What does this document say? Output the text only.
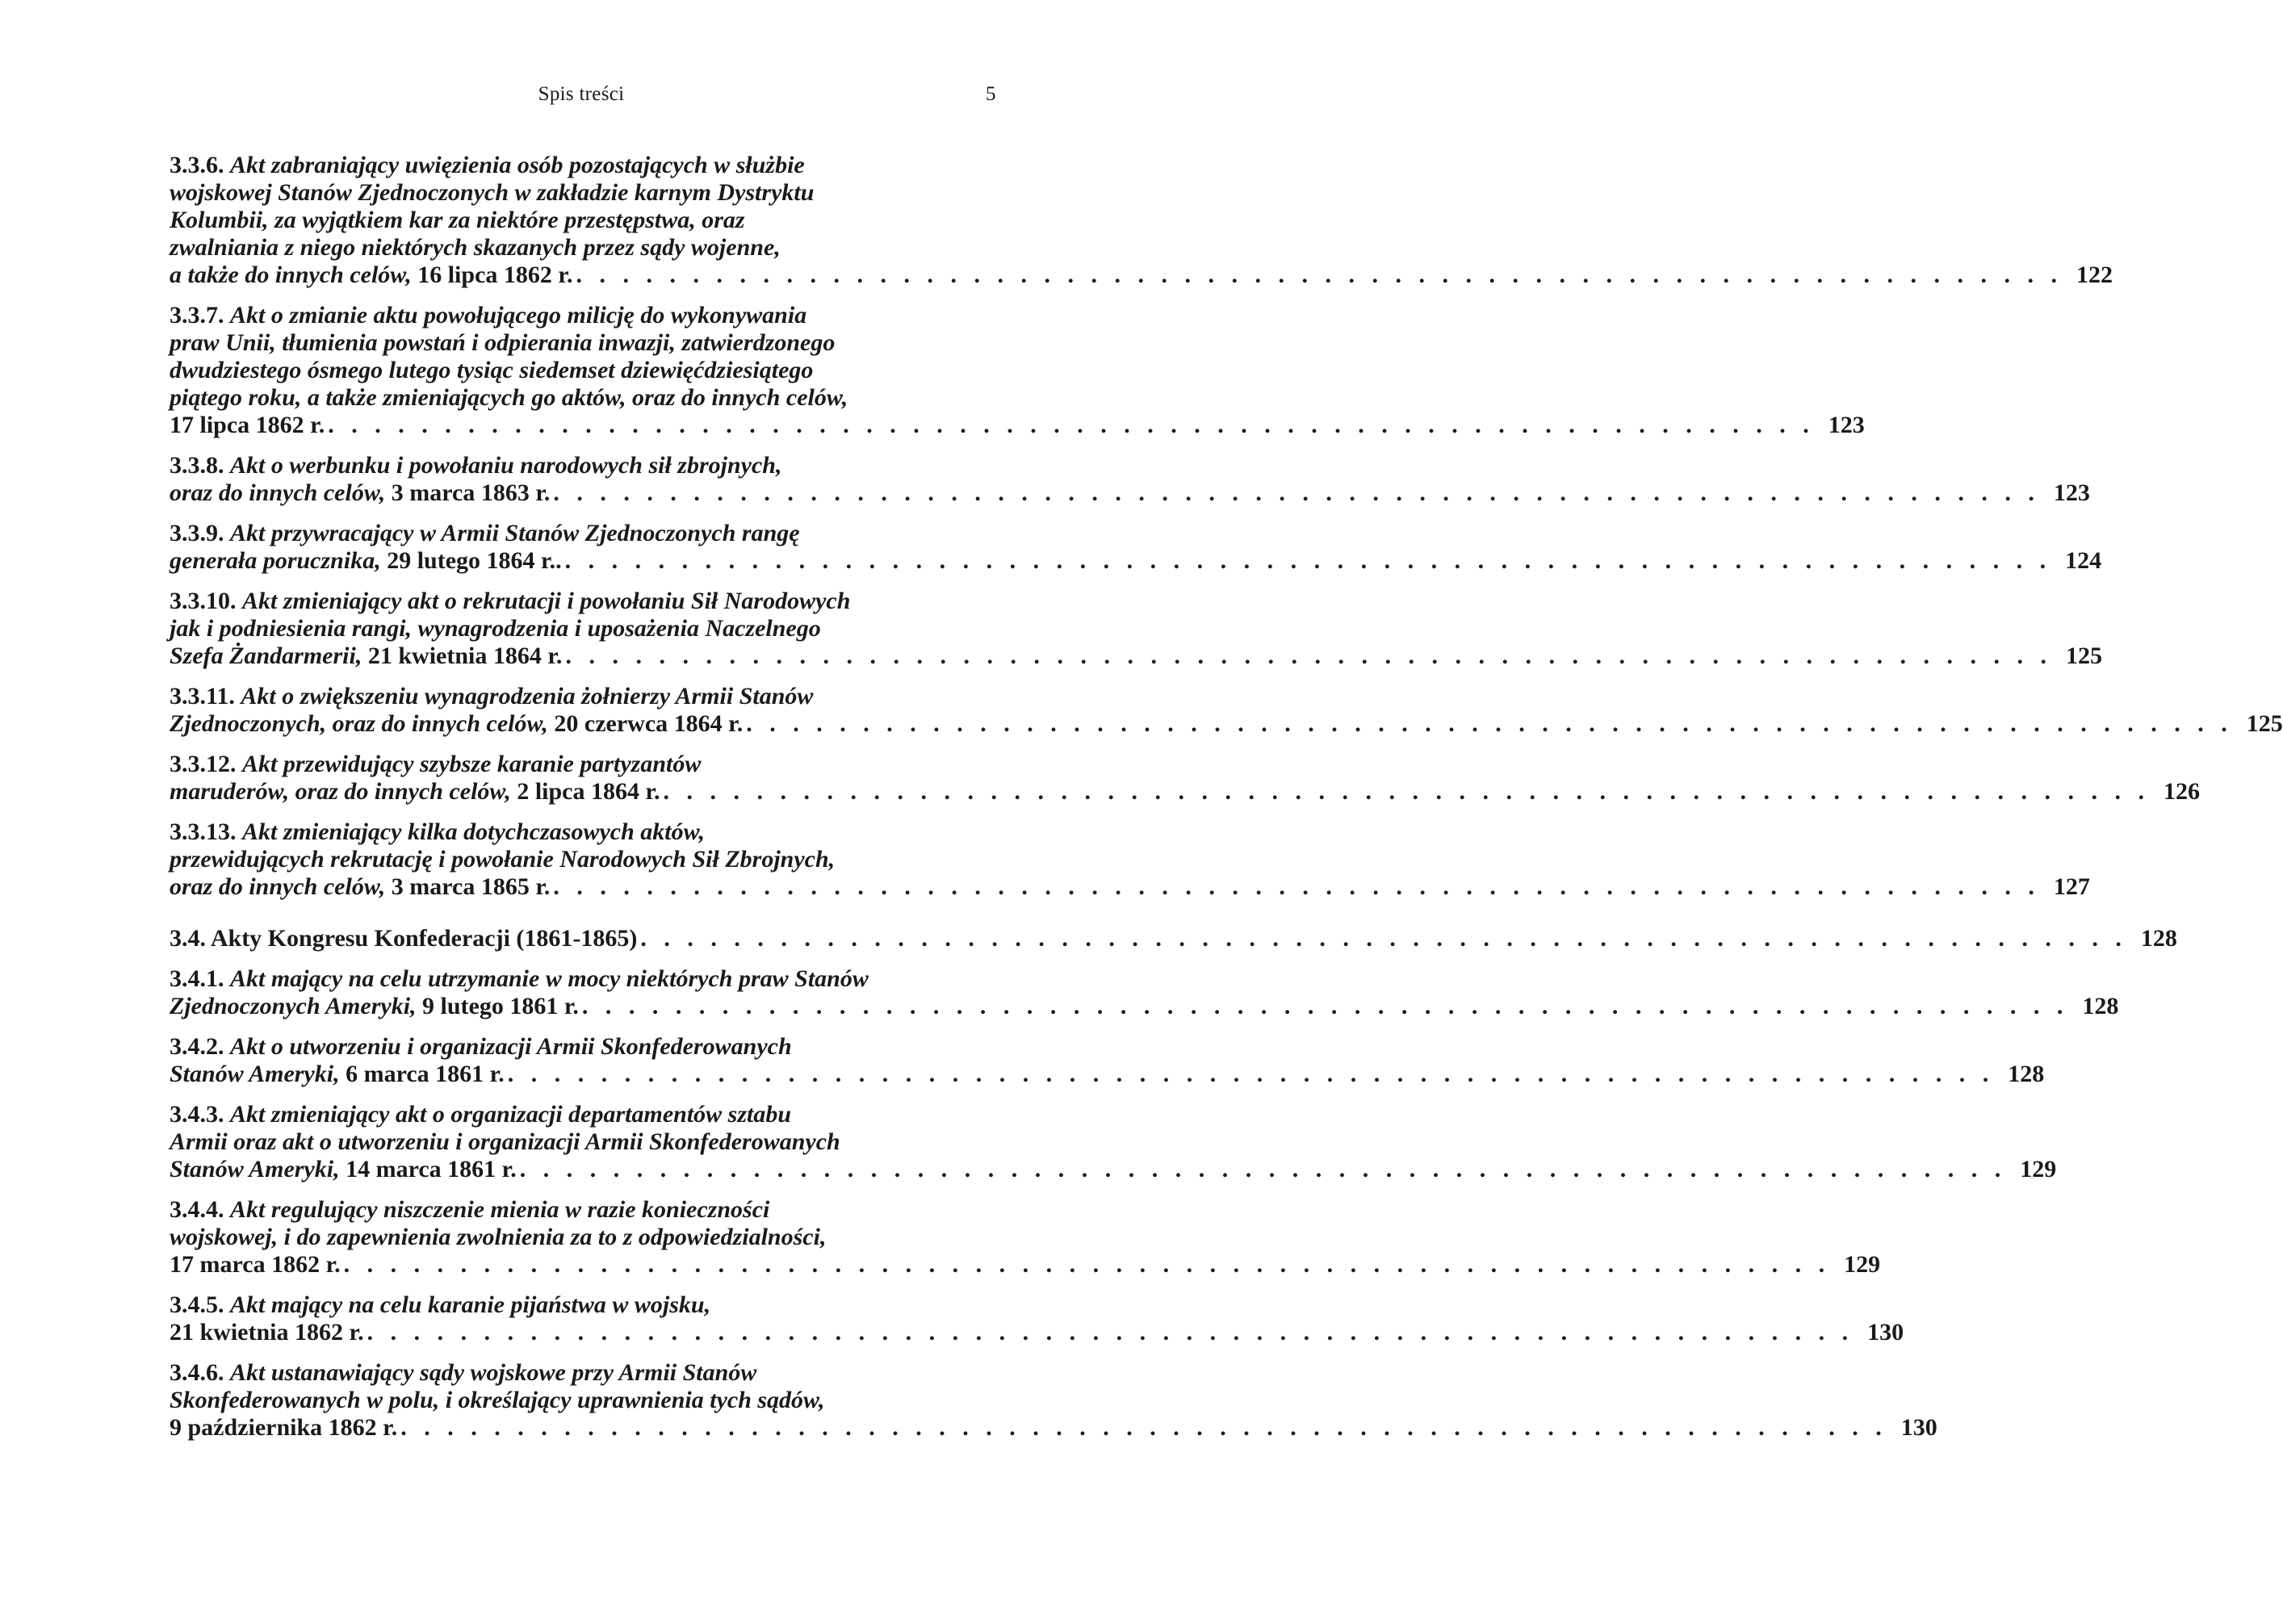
Spis treści	5
3.3.6. Akt zabraniający uwięzienia osób pozostających w służbie
wojskowej Stanów Zjednoczonych w zakładzie karnym Dystryktu
Kolumbii, za wyjątkiem kar za niektóre przestępstwa, oraz
zwalniania z niego niektórych skazanych przez sądy wojenne,
a także do innych celów, 16 lipca 1862 r. . . . . . . . . . . . . . . . . . . . . . . . . . . . . . . . . . . . . . . . . . . . . . . . . . . . . . . . . . . . . . . . . 122
3.3.7. Akt o zmianie aktu powołującego milicję do wykonywania
praw Unii, tłumienia powstań i odpierania inwazji, zatwierdzonego
dwudziestego ósmego lutego tysiąc siedemset dziewięćdziesiątego
piątego roku, a także zmieniających go aktów, oraz do innych celów,
17 lipca 1862 r. . . . . . . . . . . . . . . . . . . . . . . . . . . . . . . . . . . . . . . . . . . . . . . . . . . . . . . . . . . . . . . . . 123
3.3.8. Akt o werbunku i powołaniu narodowych sił zbrojnych,
oraz do innych celów, 3 marca 1863 r. . . . . . . . . . . . . . . . . . . . . . . . . . . . . . . . . . . . . . . . . . . . . . . . . . . . . . . . . . . . . . . . . 123
3.3.9. Akt przywracający w Armii Stanów Zjednoczonych rangę
generała porucznika, 29 lutego 1864 r.. . . . . . . . . . . . . . . . . . . . . . . . . . . . . . . . . . . . . . . . . . . . . . . . . . . . . . . . . . . . . . . . . 124
3.3.10. Akt zmieniający akt o rekrutacji i powołaniu Sił Narodowych
jak i podniesienia rangi, wynagrodzenia i uposażenia Naczelnego
Szefa Żandarmerii, 21 kwietnia 1864 r. . . . . . . . . . . . . . . . . . . . . . . . . . . . . . . . . . . . . . . . . . . . . . . . . . . . . . . . . . . . . . . . . 125
3.3.11. Akt o zwiększeniu wynagrodzenia żołnierzy Armii Stanów
Zjednoczonych, oraz do innych celów, 20 czerwca 1864 r. . . . . . . . . . . . . . . . . . . . . . . . . . . . . . . . . . . . . . . . . . . . . . . . . . . . . . . . . . . . . . . . . 125
3.3.12. Akt przewidujący szybsze karanie partyzantów
maruderów, oraz do innych celów, 2 lipca 1864 r. . . . . . . . . . . . . . . . . . . . . . . . . . . . . . . . . . . . . . . . . . . . . . . . . . . . . . . . . . . . . . . . . 126
3.3.13. Akt zmieniający kilka dotychczasowych aktów,
przewidujących rekrutację i powołanie Narodowych Sił Zbrojnych,
oraz do innych celów, 3 marca 1865 r. . . . . . . . . . . . . . . . . . . . . . . . . . . . . . . . . . . . . . . . . . . . . . . . . . . . . . . . . . . . . . . . . 127
3.4. Akty Kongresu Konfederacji (1861-1865) . . . . . . . . . . . . . . . . . . . . . . . . . . . . . . . . . . . . . . . . . . . . . . . . . . . . . . . . . . . . . . . . 128
3.4.1. Akt mający na celu utrzymanie w mocy niektórych praw Stanów
Zjednoczonych Ameryki, 9 lutego 1861 r. . . . . . . . . . . . . . . . . . . . . . . . . . . . . . . . . . . . . . . . . . . . . . . . . . . . . . . . . . . . . . . . . 128
3.4.2. Akt o utworzeniu i organizacji Armii Skonfederowanych
Stanów Ameryki, 6 marca 1861 r. . . . . . . . . . . . . . . . . . . . . . . . . . . . . . . . . . . . . . . . . . . . . . . . . . . . . . . . . . . . . . . . . 128
3.4.3. Akt zmieniający akt o organizacji departamentów sztabu
Armii oraz akt o utworzeniu i organizacji Armii Skonfederowanych
Stanów Ameryki, 14 marca 1861 r. . . . . . . . . . . . . . . . . . . . . . . . . . . . . . . . . . . . . . . . . . . . . . . . . . . . . . . . . . . . . . . . . 129
3.4.4. Akt regulujący niszczenie mienia w razie konieczności
wojskowej, i do zapewnienia zwolnienia za to z odpowiedzialności,
17 marca 1862 r. . . . . . . . . . . . . . . . . . . . . . . . . . . . . . . . . . . . . . . . . . . . . . . . . . . . . . . . . . . . . . . . . 129
3.4.5. Akt mający na celu karanie pijaństwa w wojsku,
21 kwietnia 1862 r. . . . . . . . . . . . . . . . . . . . . . . . . . . . . . . . . . . . . . . . . . . . . . . . . . . . . . . . . . . . . . . . . 130
3.4.6. Akt ustanawiający sądy wojskowe przy Armii Stanów
Skonfederowanych w polu, i określający uprawnienia tych sądów,
9 października 1862 r. . . . . . . . . . . . . . . . . . . . . . . . . . . . . . . . . . . . . . . . . . . . . . . . . . . . . . . . . . . . . . . . . 130
